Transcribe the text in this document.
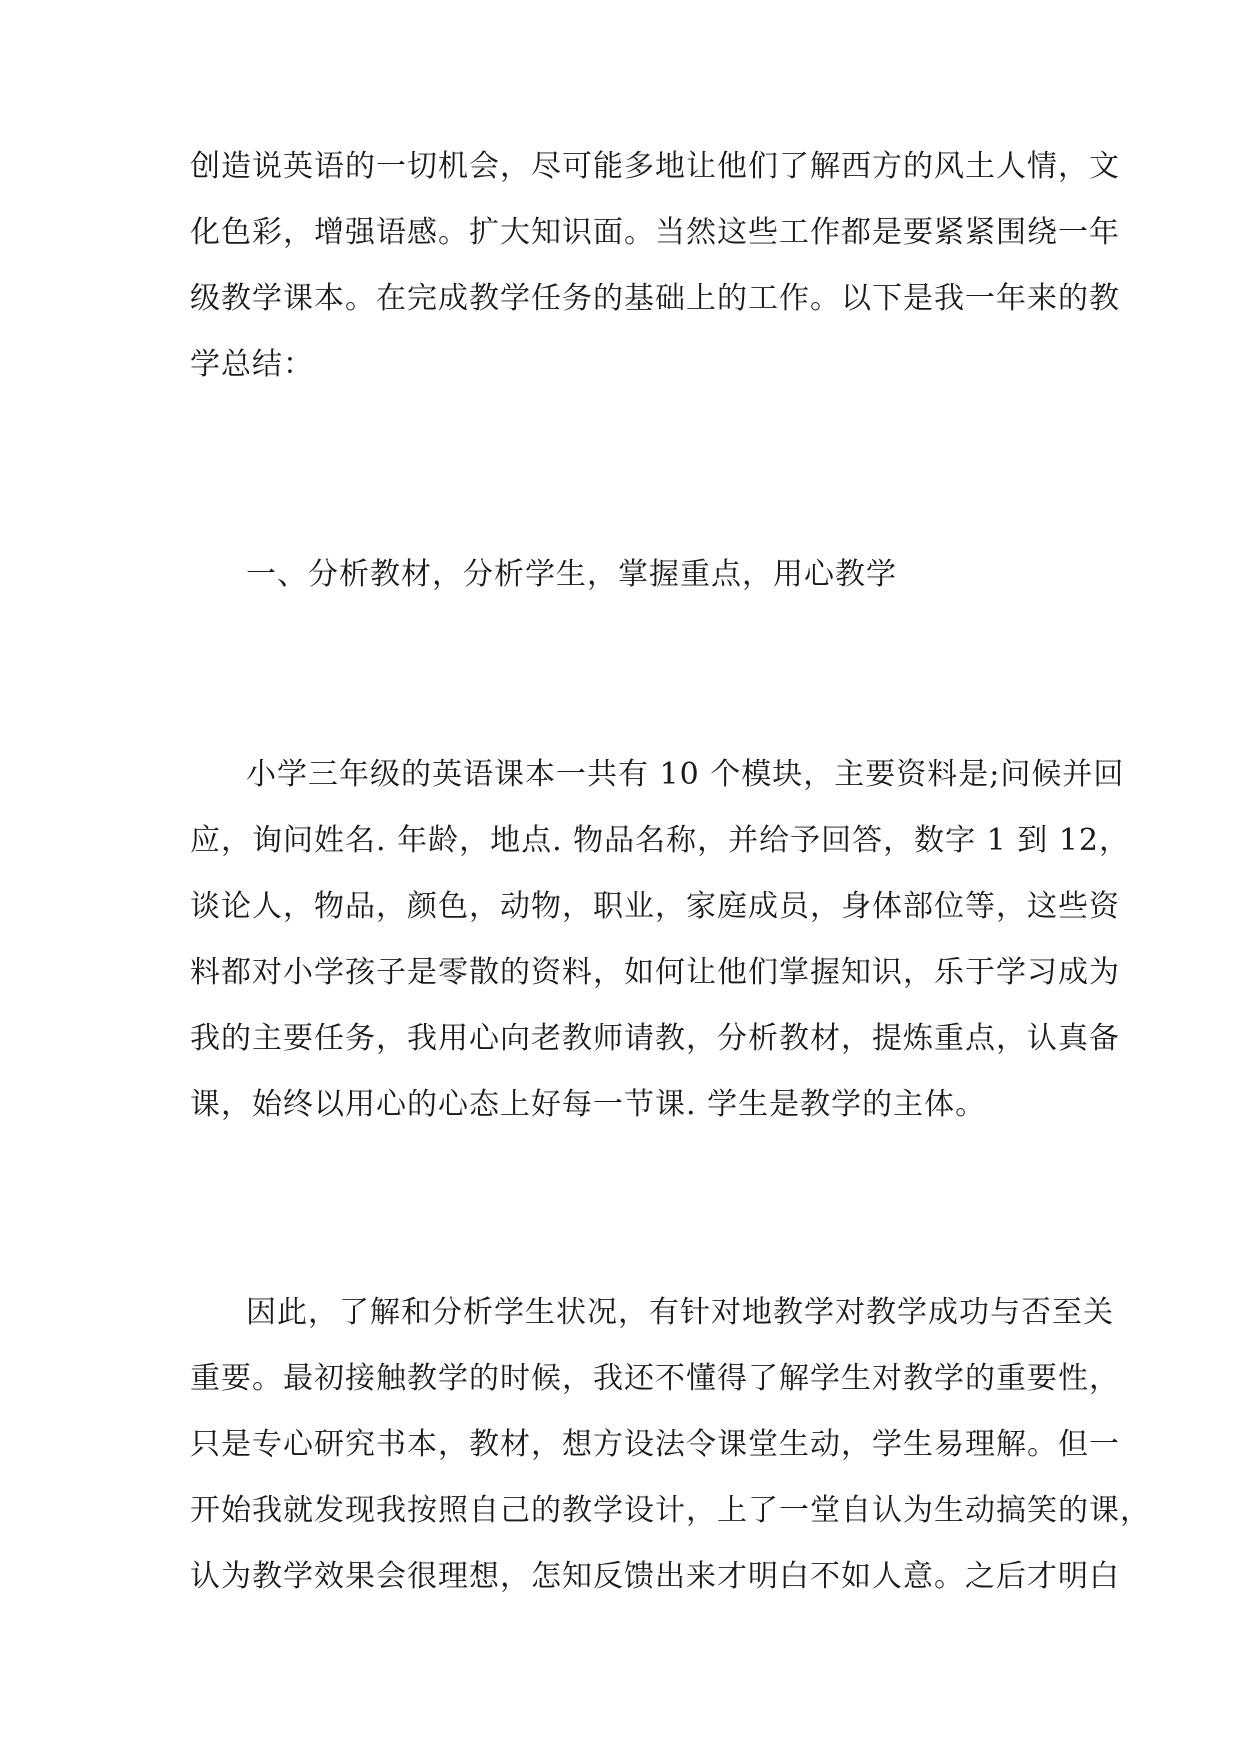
创造说英语的一切机会，尽可能多地让他们了解西方的风土人情，文
化色彩，增强语感。扩大知识面。当然这些工作都是要紧紧围绕一年
级教学课本。在完成教学任务的基础上的工作。以下是我一年来的教
学总结：
一、分析教材，分析学生，掌握重点，用心教学
小学三年级的英语课本一共有 10 个模块，主要资料是;问候并回
应，询问姓名. 年龄，地点. 物品名称，并给予回答，数字 1 到 12，
谈论人，物品，颜色，动物，职业，家庭成员，身体部位等，这些资
料都对小学孩子是零散的资料，如何让他们掌握知识，乐于学习成为
我的主要任务，我用心向老教师请教，分析教材，提炼重点，认真备
课，始终以用心的心态上好每一节课. 学生是教学的主体。
因此，了解和分析学生状况，有针对地教学对教学成功与否至关
重要。最初接触教学的时候，我还不懂得了解学生对教学的重要性，
只是专心研究书本，教材，想方设法令课堂生动，学生易理解。但一
开始我就发现我按照自己的教学设计，上了一堂自认为生动搞笑的课，
认为教学效果会很理想，怎知反馈出来才明白不如人意。之后才明白
